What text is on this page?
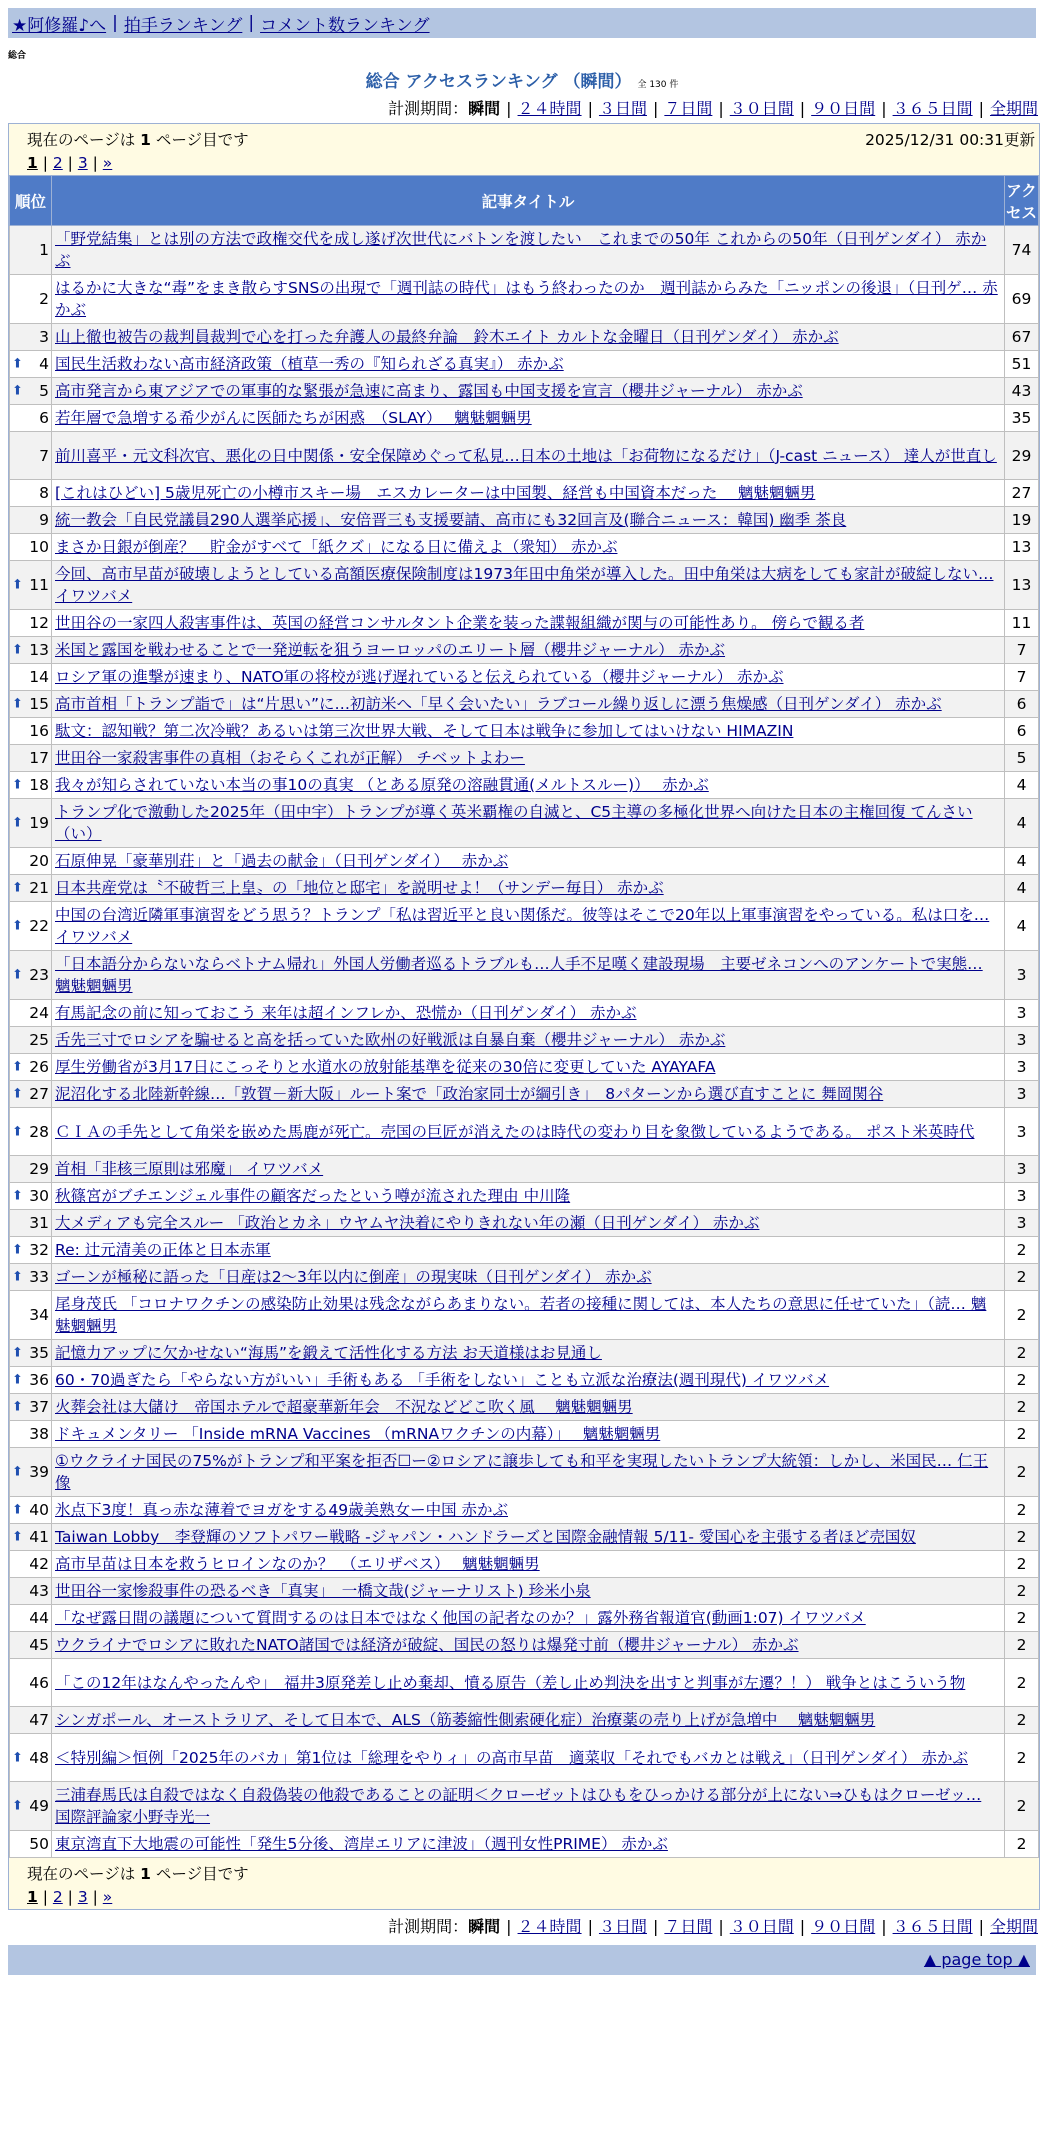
★阿修羅♪へ | 拍手ランキング | コメント数ランキング
総合
総合 アクセスランキング （瞬間） 全 130 件
計測期間：瞬間 | ２４時間 | ３日間 | ７日間 | ３０日間 | ９０日間 | ３６５日間 | 全期間
現在のページは 1 ページ目です	2025/12/31 00:31更新
1 | 2 | 3 | »
順位	記事タイトル	アクセス
1	「野党結集」とは別の方法で政権交代を成し遂げ次世代にバトンを渡したい　これまでの50年 これからの50年（日刊ゲンダイ） 赤かぶ	74
2	はるかに大きな“毒”をまき散らすSNSの出現で「週刊誌の時代」はもう終わったのか　週刊誌からみた「ニッポンの後退」（日刊ゲ… 赤かぶ	69
3	山上徹也被告の裁判員裁判で心を打った弁護人の最終弁論　鈴木エイト カルトな金曜日（日刊ゲンダイ） 赤かぶ	67

⬆ 4	国民生活救わない高市経済政策（植草一秀の『知られざる真実』） 赤かぶ	51

⬆ 5	高市発言から東アジアでの軍事的な緊張が急速に高まり、露国も中国支援を宣言（櫻井ジャーナル） 赤かぶ	43
6	若年層で急増する希少がんに医師たちが困惑　（SLAY）　 魑魅魍魎男	35
7	前川喜平・元文科次官、悪化の日中関係・安全保障めぐって私見…日本の土地は「お荷物になるだけ」（J-cast ニュース） 達人が世直し	29
8	[これはひどい] 5歳児死亡の小樽市スキー場　エスカレーターは中国製、経営も中国資本だった　 魑魅魍魎男	27
9	統一教会「自民党議員290人選挙応援」、安倍晋三も支援要請、高市にも32回言及(聯合ニュース：韓国) 幽季 茶良	19
10	まさか日銀が倒産？　貯金がすべて「紙クズ」になる日に備えよ（衆知） 赤かぶ	13

⬆ 11	今回、高市早苗が破壊しようとしている高額医療保険制度は1973年田中角栄が導入した。田中角栄は大病をしても家計が破綻しない… イワツバメ	13
12	世田谷の一家四人殺害事件は、英国の経営コンサルタント企業を装った諜報組織が関与の可能性あり。 傍らで観る者	11

⬆ 13	米国と露国を戦わせることで一発逆転を狙うヨーロッパのエリート層（櫻井ジャーナル） 赤かぶ	7
14	ロシア軍の進撃が速まり、NATO軍の将校が逃げ遅れていると伝えられている（櫻井ジャーナル） 赤かぶ	7

⬆ 15	高市首相「トランプ詣で」は“片思い”に…初訪米へ「早く会いたい」ラブコール繰り返しに漂う焦燥感（日刊ゲンダイ） 赤かぶ	6
16	駄文：認知戦？第二次冷戦？あるいは第三次世界大戦、そして日本は戦争に参加してはいけない HIMAZIN	6
17	世田谷一家殺害事件の真相（おそらくこれが正解） チベットよわー	5

⬆ 18	我々が知らされていない本当の事10の真実 （とある原発の溶融貫通(メルトスルー)）　 赤かぶ	4

⬆ 19	トランプ化で激動した2025年（田中宇）トランプが導く英米覇権の自滅と、C5主導の多極化世界へ向けた日本の主権回復 てんさい（い）	4
20	石原伸晃「豪華別荘」と「過去の献金」（日刊ゲンダイ）　 赤かぶ	4

⬆ 21	日本共産党は〝不破哲三上皇〟の「地位と邸宅」を説明せよ！（サンデー毎日） 赤かぶ	4

⬆ 22	中国の台湾近隣軍事演習をどう思う？トランプ「私は習近平と良い関係だ。彼等はそこで20年以上軍事演習をやっている。私は口を… イワツバメ	4

⬆ 23	「日本語分からないならベトナム帰れ」外国人労働者巡るトラブルも…人手不足嘆く建設現場　主要ゼネコンへのアンケートで実態… 魑魅魍魎男	3
24	有馬記念の前に知っておこう 来年は超インフレか、恐慌か（日刊ゲンダイ） 赤かぶ	3
25	舌先三寸でロシアを騙せると高を括っていた欧州の好戦派は自暴自棄（櫻井ジャーナル） 赤かぶ	3

⬆ 26	厚生労働省が3月17日にこっそりと水道水の放射能基準を従来の30倍に変更していた AYAYAFA	3

⬆ 27	泥沼化する北陸新幹線…「敦賀－新大阪」ルート案で「政治家同士が綱引き」　8パターンから選び直すことに 舞岡関谷	3

⬆ 28	ＣＩＡの手先として角栄を嵌めた馬鹿が死亡。売国の巨匠が消えたのは時代の変わり目を象徴しているようである。 ポスト米英時代	3
29	首相「非核三原則は邪魔」 イワツバメ	3

⬆ 30	秋篠宮がブチエンジェル事件の顧客だったという噂が流された理由 中川隆	3
31	大メディアも完全スルー 「政治とカネ」ウヤムヤ決着にやりきれない年の瀬（日刊ゲンダイ） 赤かぶ	3

⬆ 32	Re: 辻元清美の正体と日本赤軍	2

⬆ 33	ゴーンが極秘に語った「日産は2～3年以内に倒産」の現実味（日刊ゲンダイ） 赤かぶ	2
34	尾身茂氏 「コロナワクチンの感染防止効果は残念ながらあまりない。若者の接種に関しては、本人たちの意思に任せていた」（読… 魑魅魍魎男	2

⬆ 35	記憶力アップに欠かせない“海馬”を鍛えて活性化する方法 お天道様はお見通し	2

⬆ 36	60・70過ぎたら「やらない方がいい」手術もある 「手術をしない」ことも立派な治療法(週刊現代) イワツバメ	2

⬆ 37	火葬会社は大儲け　帝国ホテルで超豪華新年会　不況などどこ吹く風　 魑魅魍魎男	2
38	ドキュメンタリー 「Inside mRNA Vaccines （mRNAワクチンの内幕）」　 魑魅魍魎男	2

⬆ 39	①ウクライナ国民の75%がトランプ和平案を拒否☐ー②ロシアに譲歩しても和平を実現したいトランプ大統領：しかし、米国民… 仁王像	2

⬆ 40	氷点下3度！真っ赤な薄着でヨガをする49歳美熟女ー中国 赤かぶ	2

⬆ 41	Taiwan Lobby　李登輝のソフトパワー戦略 -ジャパン・ハンドラーズと国際金融情報 5/11- 愛国心を主張する者ほど売国奴	2
42	高市早苗は日本を救うヒロインなのか？　（エリザベス）　 魑魅魍魎男	2
43	世田谷一家惨殺事件の恐るべき「真実」　一橋文哉(ジャーナリスト) 珍米小泉	2
44	「なぜ露日間の議題について質問するのは日本ではなく他国の記者なのか？」露外務省報道官(動画1:07) イワツバメ	2
45	ウクライナでロシアに敗れたNATO諸国では経済が破綻、国民の怒りは爆発寸前（櫻井ジャーナル） 赤かぶ	2
46	「この12年はなんやったんや」　福井3原発差し止め棄却、憤る原告（差し止め判決を出すと判事が左遷？！） 戦争とはこういう物	2
47	シンガポール、オーストラリア、そして日本で、ALS（筋萎縮性側索硬化症）治療薬の売り上げが急増中　 魑魅魍魎男	2

⬆ 48	＜特別編＞恒例「2025年のバカ」第1位は「総理をやりィ」の高市早苗　適菜収「それでもバカとは戦え」（日刊ゲンダイ） 赤かぶ	2

⬆ 49	三浦春馬氏は自殺ではなく自殺偽装の他殺であることの証明＜クローゼットはひもをひっかける部分が上にない⇒ひもはクローゼッ… 国際評論家小野寺光一	2
50	東京湾直下大地震の可能性「発生5分後、湾岸エリアに津波」（週刊女性PRIME） 赤かぶ	2
現在のページは 1 ページ目です
1 | 2 | 3 | »
計測期間：瞬間 | ２４時間 | ３日間 | ７日間 | ３０日間 | ９０日間 | ３６５日間 | 全期間
▲ page top ▲
